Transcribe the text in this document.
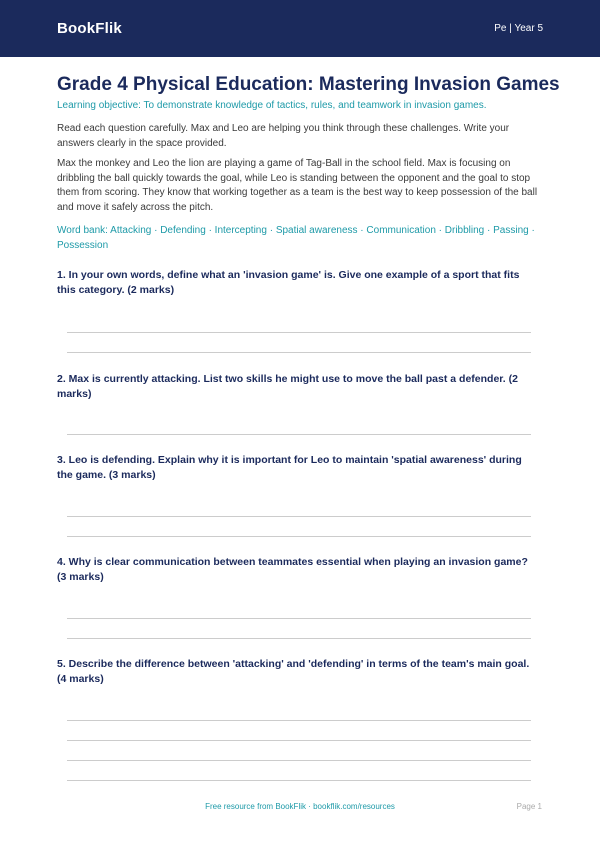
BookFlik	Pe | Year 5
Grade 4 Physical Education: Mastering Invasion Games
Learning objective: To demonstrate knowledge of tactics, rules, and teamwork in invasion games.
Read each question carefully. Max and Leo are helping you think through these challenges. Write your answers clearly in the space provided.
Max the monkey and Leo the lion are playing a game of Tag-Ball in the school field. Max is focusing on dribbling the ball quickly towards the goal, while Leo is standing between the opponent and the goal to stop them from scoring. They know that working together as a team is the best way to keep possession of the ball and move it safely across the pitch.
Word bank: Attacking · Defending · Intercepting · Spatial awareness · Communication · Dribbling · Passing · Possession
1. In your own words, define what an 'invasion game' is. Give one example of a sport that fits this category. (2 marks)
2. Max is currently attacking. List two skills he might use to move the ball past a defender. (2 marks)
3. Leo is defending. Explain why it is important for Leo to maintain 'spatial awareness' during the game. (3 marks)
4. Why is clear communication between teammates essential when playing an invasion game? (3 marks)
5. Describe the difference between 'attacking' and 'defending' in terms of the team's main goal. (4 marks)
Free resource from BookFlik · bookflik.com/resources	Page 1
